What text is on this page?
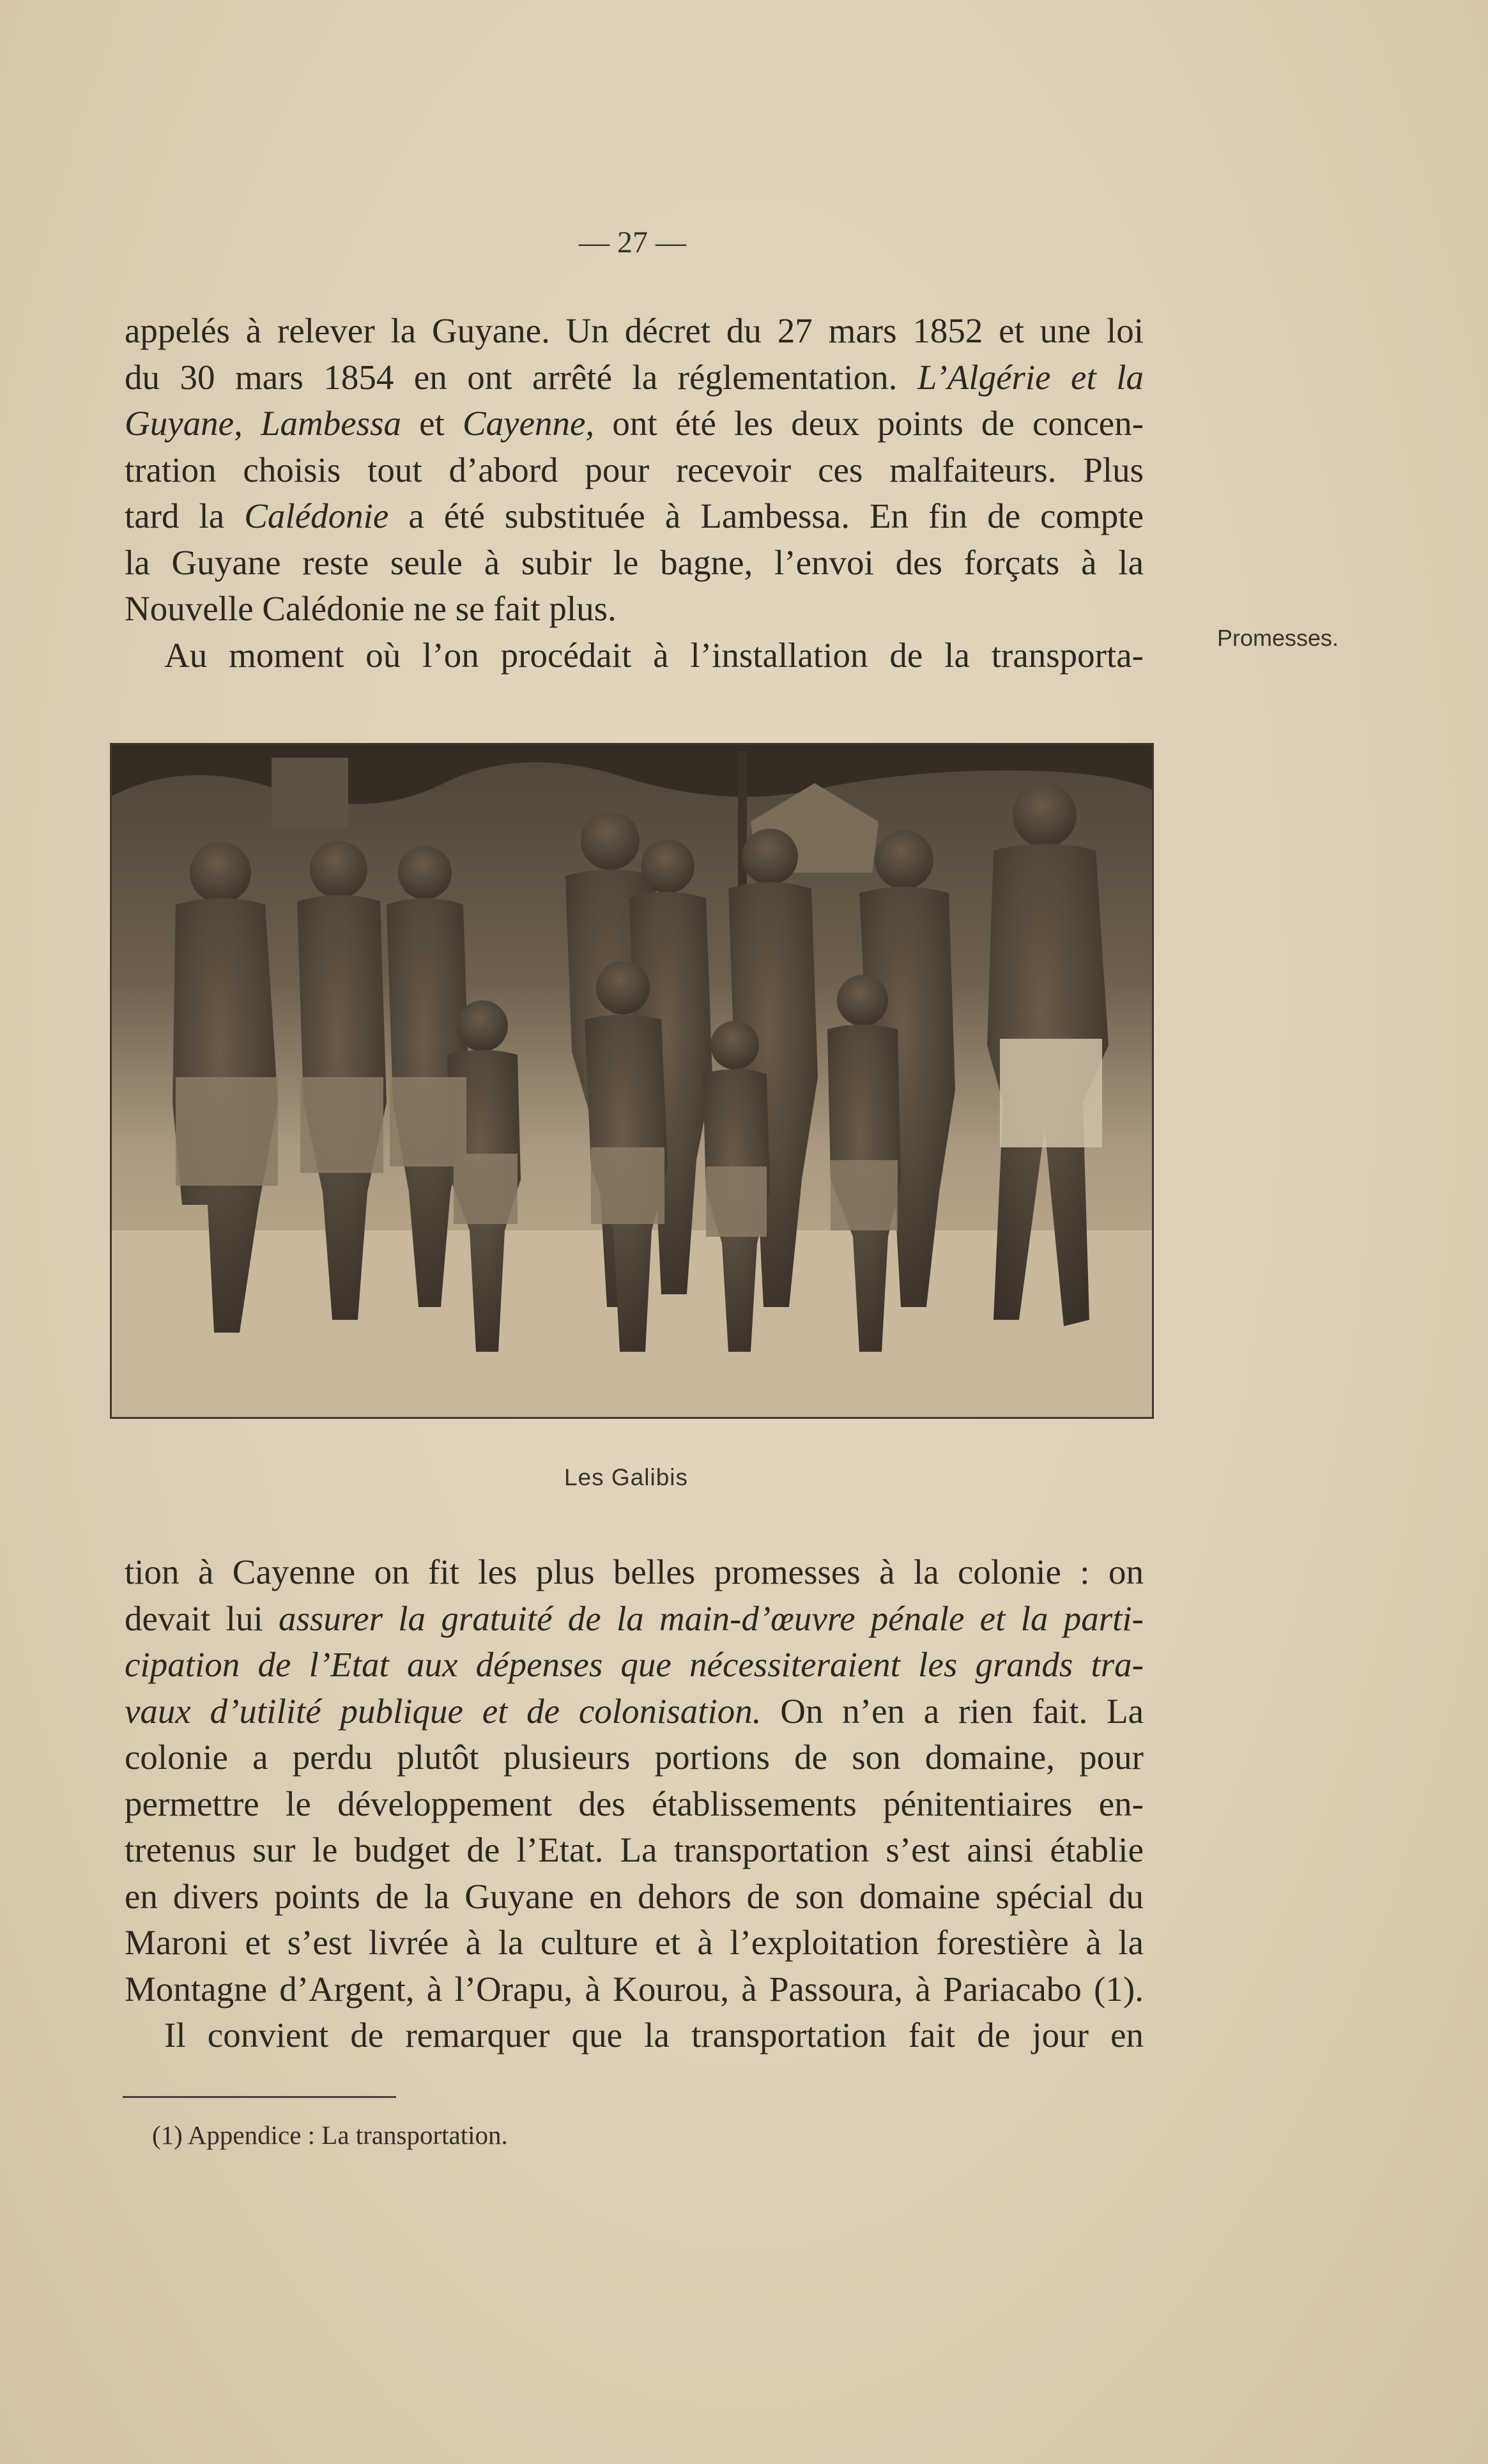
— 27 —
appelés à relever la Guyane. Un décret du 27 mars 1852 et une loi
du 30 mars 1854 en ont arrêté la réglementation. L’Algérie et la
Guyane, Lambessa et Cayenne, ont été les deux points de concen-
tration choisis tout d’abord pour recevoir ces malfaiteurs. Plus
tard la Calédonie a été substituée à Lambessa. En fin de compte
la Guyane reste seule à subir le bagne, l’envoi des forçats à la
Nouvelle Calédonie ne se fait plus.
Au moment où l’on procédait à l’installation de la transporta-	Promesses.
Les Galibis
tion à Cayenne on fit les plus belles promesses à la colonie : on
devait lui assurer la gratuité de la main-d’œuvre pénale et la parti-
cipation de l’Etat aux dépenses que nécessiteraient les grands tra-
vaux d’utilité publique et de colonisation. On n’en a rien fait. La
colonie a perdu plutôt plusieurs portions de son domaine, pour
permettre le développement des établissements pénitentiaires en-
tretenus sur le budget de l’Etat. La transportation s’est ainsi établie
en divers points de la Guyane en dehors de son domaine spécial du
Maroni et s’est livrée à la culture et à l’exploitation forestière à la
Montagne d’Argent, à l’Orapu, à Kourou, à Passoura, à Pariacabo (1).
Il convient de remarquer que la transportation fait de jour en
(1) Appendice : La transportation.
